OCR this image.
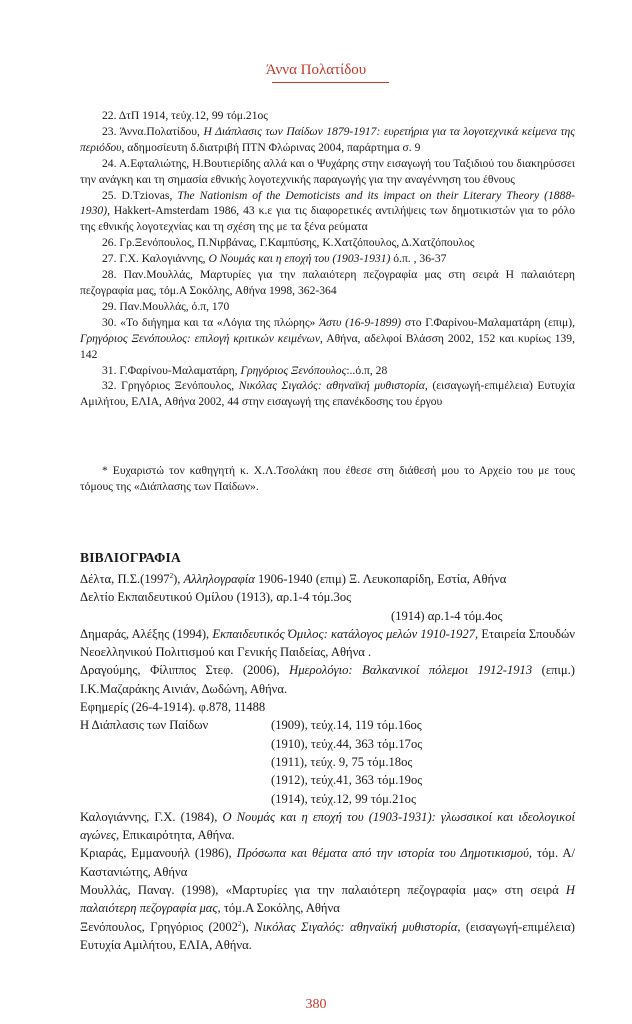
Άννα Πολατίδου

22. ΔτΠ 1914, τεύχ.12, 99 τόμ.21ος

23. Άννα.Πολατίδου, Η Διάπλασις των Παίδων 1879-1917: ευρετήρια για τα λογοτεχνικά κείμενα της περιόδου, αδημοσίευτη δ.διατριβή ΠΤΝ Φλώρινας 2004, παράρτημα σ. 9

24. Α.Εφταλιώτης, Η.Βουτιερίδης αλλά και ο Ψυχάρης στην εισαγωγή του Ταξιδιού του διακηρύσσει την ανάγκη και τη σημασία εθνικής λογοτεχνικής παραγωγής για την αναγέννηση του έθνους

25. D.Tziovas, The Nationism of the Demoticists and its impact on their Literary Theory (1888-1930), Hakkert-Amsterdam 1986, 43 κ.ε για τις διαφορετικές αντιλήψεις των δημοτικιστών για το ρόλο της εθνικής λογοτεχνίας και τη σχέση της με τα ξένα ρεύματα

26. Γρ.Ξενόπουλος, Π.Νιρβάνας, Γ.Καμπύσης, Κ.Χατζόπουλος, Δ.Χατζόπουλος

27. Γ.Χ. Καλογιάννης, Ο Νουμάς και η εποχή του (1903-1931) ό.π. , 36-37

28. Παν.Μουλλάς, Μαρτυρίες για την παλαιότερη πεζογραφία μας στη σειρά Η παλαιότερη πεζογραφία μας, τόμ.Α Σοκόλης, Αθήνα 1998, 362-364

29. Παν.Μουλλάς, ό.π, 170

30. «Το διήγημα και τα «Λόγια της πλώρης» Άστυ (16-9-1899) στο Γ.Φαρίνου-Μαλαματάρη (επιμ), Γρηγόριος Ξενόπουλος: επιλογή κριτικών κειμένων, Αθήνα, αδελφοί Βλάσση 2002, 152 και κυρίως 139, 142

31. Γ.Φαρίνου-Μαλαματάρη, Γρηγόριος Ξενόπουλος:..ό.π, 28

32. Γρηγόριος Ξενόπουλος, Νικόλας Σιγαλός: αθηναϊκή μυθιστορία, (εισαγωγή-επιμέλεια) Ευτυχία Αμιλήτου, ΕΛΙΑ, Αθήνα 2002, 44 στην εισαγωγή της επανέκδοσης του έργου

* Ευχαριστώ τον καθηγητή κ. Χ.Λ.Τσολάκη που έθεσε στη διάθεσή μου το Αρχείο του με τους τόμους της «Διάπλασης των Παίδων».
ΒΙΒΛΙΟΓΡΑΦΙΑ
Δέλτα, Π.Σ.(1997$^2$), Αλληλογραφία 1906-1940 (επιμ) Ξ. Λευκοπαρίδη, Εστία, Αθήνα
Δελτίο Εκπαιδευτικού Ομίλου (1913), αρ.1-4 τόμ.3ος
(1914) αρ.1-4 τόμ.4ος
Δημαράς, Αλέξης (1994), Εκπαιδευτικός Όμιλος: κατάλογος μελών 1910-1927, Εταιρεία Σπουδών Νεοελληνικού Πολιτισμού και Γενικής Παιδείας, Αθήνα .
Δραγούμης, Φίλιππος Στεφ. (2006), Ημερολόγιο: Βαλκανικοί πόλεμοι 1912-1913 (επιμ.) Ι.Κ.Μαζαράκης Αινιάν, Δωδώνη, Αθήνα.
Εφημερίς (26-4-1914). φ.878, 11488
Η Διάπλασις των Παίδων	(1909), τεύχ.14, 119 τόμ.16ος
(1910), τεύχ.44, 363 τόμ.17ος
(1911), τεύχ. 9, 75 τόμ.18ος
(1912), τεύχ.41, 363 τόμ.19ος
(1914), τεύχ.12, 99 τόμ.21ος
Καλογιάννης, Γ.Χ. (1984), Ο Νουμάς και η εποχή του (1903-1931): γλωσσικοί και ιδεολογικοί αγώνες, Επικαιρότητα, Αθήνα.
Κριαράς, Εμμανουήλ (1986), Πρόσωπα και θέματα από την ιστορία του Δημοτικισμού, τόμ. Α/ Καστανιώτης, Αθήνα
Μουλλάς, Παναγ. (1998), «Μαρτυρίες για την παλαιότερη πεζογραφία μας» στη σειρά Η παλαιότερη πεζογραφία μας, τόμ.Α Σοκόλης, Αθήνα
Ξενόπουλος, Γρηγόριος (2002$^2$), Νικόλας Σιγαλός: αθηναϊκή μυθιστορία, (εισαγωγή-επιμέλεια) Ευτυχία Αμιλήτου, ΕΛΙΑ, Αθήνα.
380
